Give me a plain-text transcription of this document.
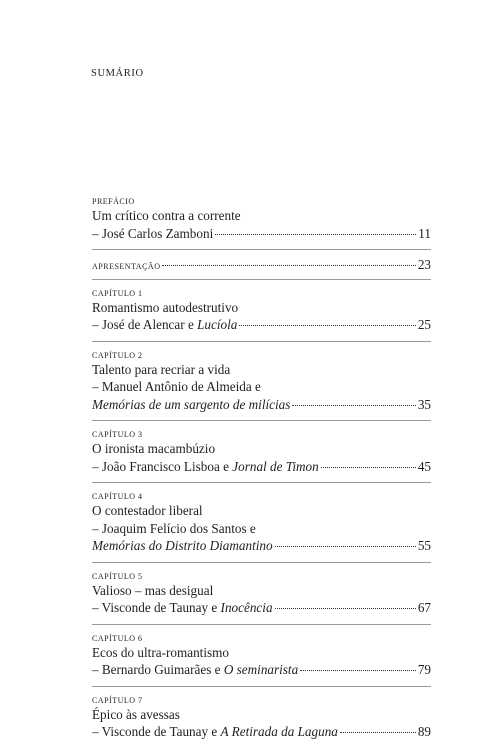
SUMÁRIO
PREFÁCIO
Um crítico contra a corrente
– José Carlos Zamboni	11
APRESENTAÇÃO	23
CAPÍTULO 1
Romantismo autodestrutivo
– José de Alencar e Lucíola	25
CAPÍTULO 2
Talento para recriar a vida
– Manuel Antônio de Almeida e
Memórias de um sargento de milícias	35
CAPÍTULO 3
O ironista macambúzio
– João Francisco Lisboa e Jornal de Timon	45
CAPÍTULO 4
O contestador liberal
– Joaquim Felício dos Santos e
Memórias do Distrito Diamantino	55
CAPÍTULO 5
Valioso – mas desigual
– Visconde de Taunay e Inocência	67
CAPÍTULO 6
Ecos do ultra-romantismo
– Bernardo Guimarães e O seminarista	79
CAPÍTULO 7
Épico às avessas
– Visconde de Taunay e A Retirada da Laguna	89
